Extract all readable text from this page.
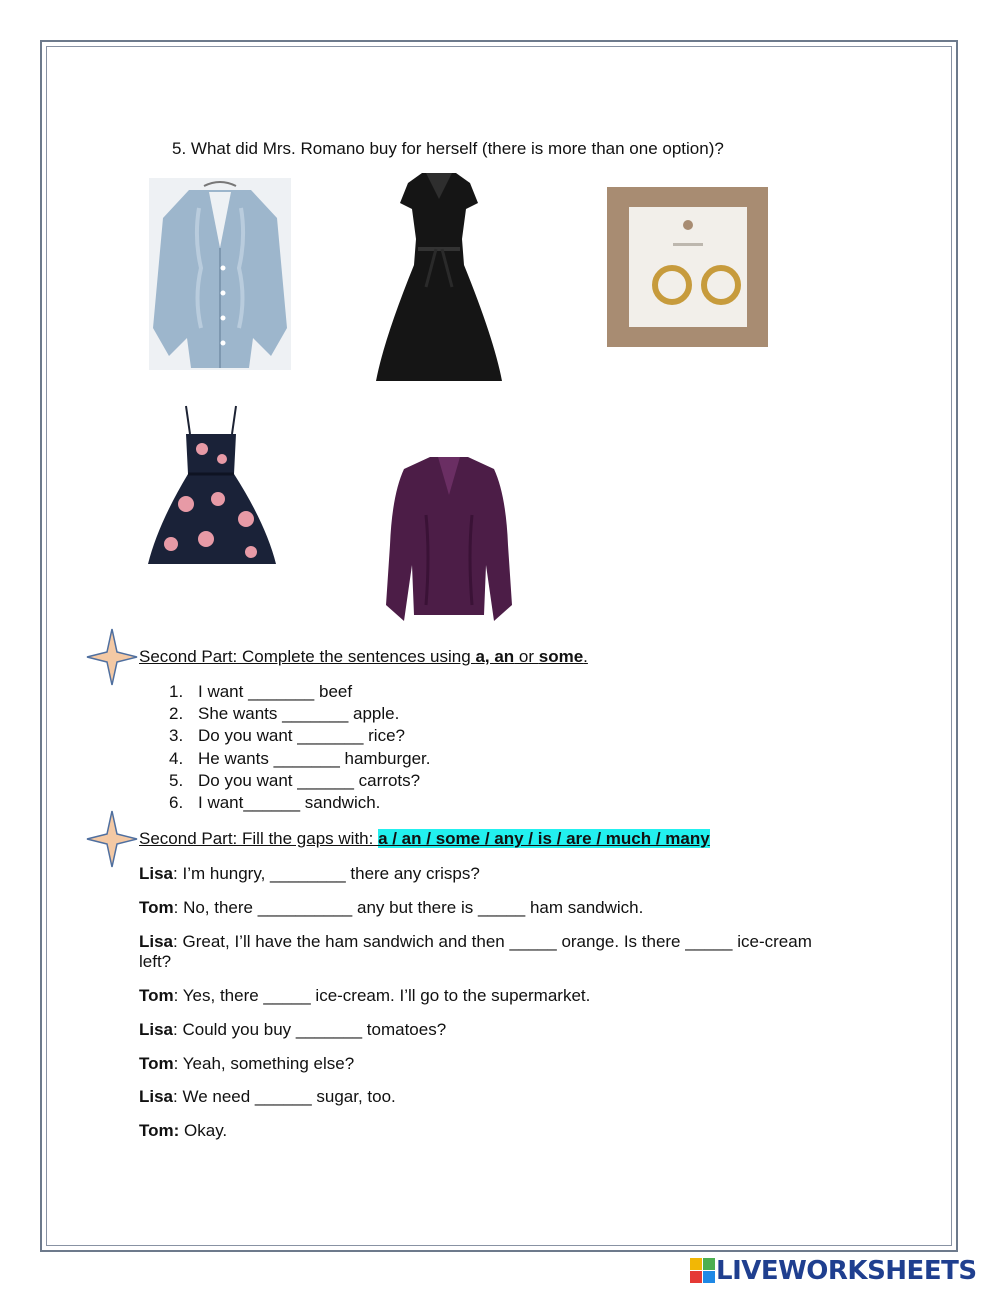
5. What did Mrs. Romano buy for herself (there is more than one option)?
Second Part: Complete the sentences using a, an or some.
1. I want _______ beef
2. She wants _______ apple.
3. Do you want _______ rice?
4. He wants _______ hamburger.
5. Do you want ______ carrots?
6. I want______ sandwich.
Second Part: Fill the gaps with: a / an / some / any / is / are / much / many
Lisa: I’m hungry, ________ there any crisps?
Tom: No, there __________ any but there is _____ ham sandwich.
Lisa: Great, I’ll have the ham sandwich and then _____ orange. Is there _____ ice-cream
left?
Tom: Yes, there _____ ice-cream. I’ll go to the supermarket.
Lisa: Could you buy _______ tomatoes?
Tom: Yeah, something else?
Lisa: We need ______ sugar, too.
Tom: Okay.
LIVEWORKSHEETS
